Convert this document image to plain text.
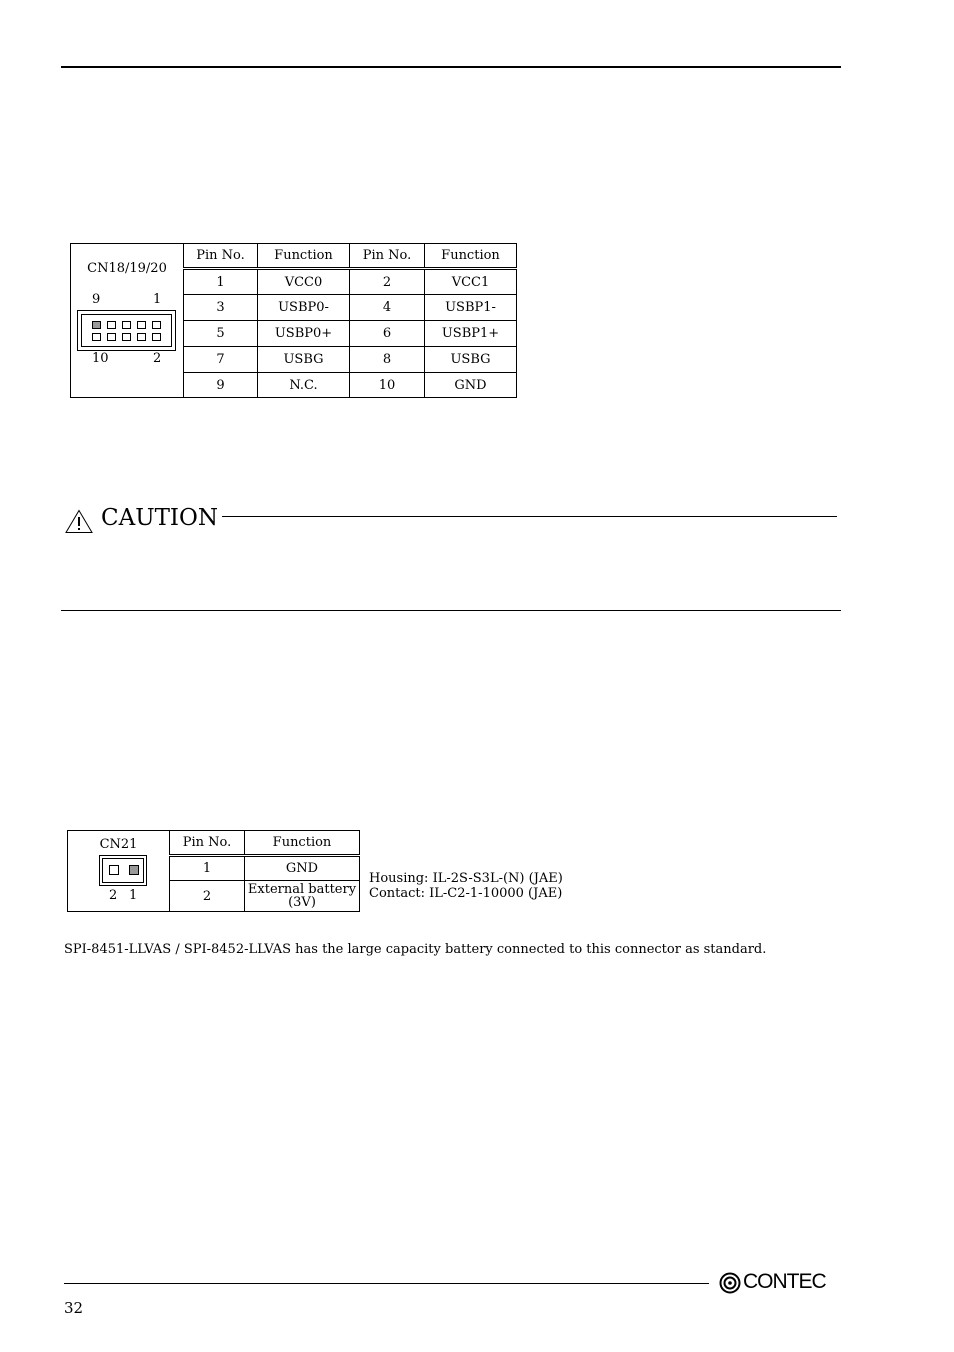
CN18/19/20
9 1
10 2	Pin No.	Function	Pin No.	Function
	1	VCC0	2	VCC1
	3	USBP0-	4	USBP1-
	5	USBP0+	6	USBP1+
	7	USBG	8	USBG
	9	N.C.	10	GND
CAUTION
CN21
2 1	Pin No.	Function
	1	GND
	2	External battery
(3V)
Housing: IL-2S-S3L-(N) (JAE)
Contact: IL-C2-1-10000 (JAE)
SPI-8451-LLVAS / SPI-8452-LLVAS has the large capacity battery connected to this connector as standard.
CONTEC
32
